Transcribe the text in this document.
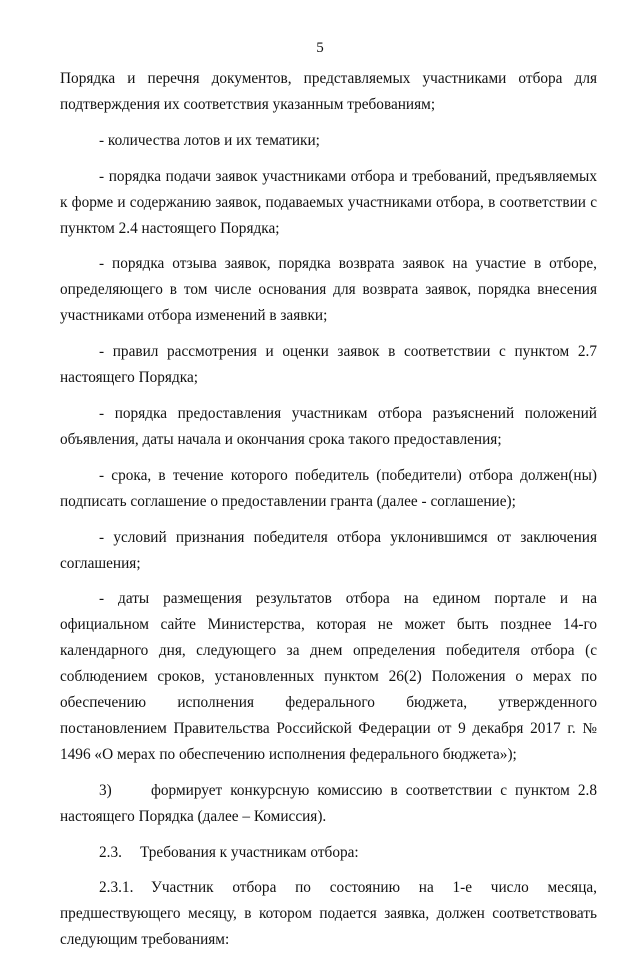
5

Порядка и перечня документов, представляемых участниками отбора для подтверждения их соответствия указанным требованиям;

- количества лотов и их тематики;

- порядка подачи заявок участниками отбора и требований, предъявляемых к форме и содержанию заявок, подаваемых участниками отбора, в соответствии с пунктом 2.4 настоящего Порядка;

- порядка отзыва заявок, порядка возврата заявок на участие в отборе, определяющего в том числе основания для возврата заявок, порядка внесения участниками отбора изменений в заявки;

- правил рассмотрения и оценки заявок в соответствии с пунктом 2.7 настоящего Порядка;

- порядка предоставления участникам отбора разъяснений положений объявления, даты начала и окончания срока такого предоставления;

- срока, в течение которого победитель (победители) отбора должен(ны) подписать соглашение о предоставлении гранта (далее - соглашение);

- условий признания победителя отбора уклонившимся от заключения соглашения;

- даты размещения результатов отбора на едином портале и на официальном сайте Министерства, которая не может быть позднее 14-го календарного дня, следующего за днем определения победителя отбора (с соблюдением сроков, установленных пунктом 26(2) Положения о мерах по обеспечению исполнения федерального бюджета, утвержденного постановлением Правительства Российской Федерации от 9 декабря 2017 г. № 1496 «О мерах по обеспечению исполнения федерального бюджета»);

3)	формирует конкурсную комиссию в соответствии с пунктом 2.8 настоящего Порядка (далее – Комиссия).

2.3. Требования к участникам отбора:

2.3.1. Участник отбора по состоянию на 1-е число месяца, предшествующего месяцу, в котором подается заявка, должен соответствовать следующим требованиям:
